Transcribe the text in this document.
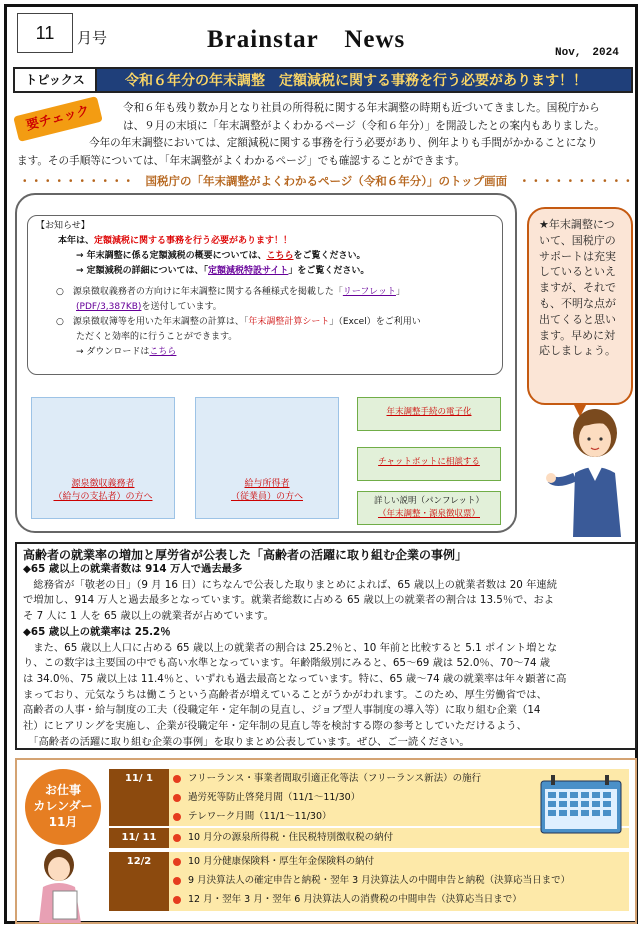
11	月号	Brainstar　News	Nov,　2024
トピックス	令和６年分の年末調整　定額減税に関する事務を行う必要があります！！

令和６年も残り数か月となり社員の所得税に関する年末調整の時期も近づいてきました。国税庁から

は、９月の末頃に「年末調整がよくわかるページ（令和６年分）」を開設したとの案内もありました。

今年の年末調整においては、定額減税に関する事務を行う必要があり、例年よりも手間がかかることになり

ます。その手順等については、「年末調整がよくわかるページ」でも確認することができます。

要チェック
・・・・・・・・・・　国税庁の「年末調整がよくわかるページ（令和６年分）」のトップ画面　・・・・・・・・・・
【お知らせ】
本年は、定額減税に関する事務を行う必要があります！！
→ 年末調整に係る定額減税の概要については、こちらをご覧ください。
→ 定額減税の詳細については、「定額減税特設サイト」をご覧ください。
○　源泉徴収義務者の方向けに年末調整に関する各種様式を掲載した「リーフレット」
(PDF/3,387KB)を送付しています。
○　源泉徴収簿等を用いた年末調整の計算は、「年末調整計算シート」（Excel）をご利用い
ただくと効率的に行うことができます。
→ ダウンロードはこちら
源泉徴収義務者
（給与の支払者）の方へ
給与所得者
（従業員）の方へ
年末調整手続の電子化
チャットボットに相談する
詳しい説明（パンフレット）
（年末調整・源泉徴収票）
★年末調整について、国税庁のサポートは充実しているといえますが、それでも、不明な点が出てくると思います。早めに対応しましょう。
高齢者の就業率の増加と厚労省が公表した「高齢者の活躍に取り組む企業の事例」
◆65 歳以上の就業者数は 914 万人で過去最多
　総務省が「敬老の日」（9 月 16 日）にちなんで公表した取りまとめによれば、65 歳以上の就業者数は 20 年連続
で増加し、914 万人と過去最多となっています。就業者総数に占める 65 歳以上の就業者の割合は 13.5％で、およ
そ 7 人に 1 人を 65 歳以上の就業者が占めています。
◆65 歳以上の就業率は 25.2％
　また、65 歳以上人口に占める 65 歳以上の就業者の割合は 25.2％と、10 年前と比較すると 5.1 ポイント増とな
り、この数字は主要国の中でも高い水準となっています。年齢階級別にみると、65～69 歳は 52.0％、70～74 歳
は 34.0％、75 歳以上は 11.4％と、いずれも過去最高となっています。特に、65 歳～74 歳の就業率は年々顕著に高
まっており、元気なうちは働こうという高齢者が増えていることがうかがわれます。このため、厚生労働省では、
高齢者の人事・給与制度の工夫（役職定年・定年制の見直し、ジョブ型人事制度の導入等）に取り組む企業（14
社）にヒアリングを実施し、企業が役職定年・定年制の見直し等を検討する際の参考としていただけるよう、
　「高齢者の活躍に取り組む企業の事例」を取りまとめ公表しています。ぜひ、ご一読ください。
お仕事
カレンダー
11月
11/ 1	フリーランス・事業者間取引適正化等法（フリーランス新法）の施行
過労死等防止啓発月間（11/1～11/30）
テレワーク月間（11/1～11/30）
11/ 11	10 月分の源泉所得税・住民税特別徴収税の納付
12/2	10 月分健康保険料・厚生年金保険料の納付
9 月決算法人の確定申告と納税・翌年 3 月決算法人の中間申告と納税（決算応当日まで）
12 月・翌年 3 月・翌年 6 月決算法人の消費税の中間申告（決算応当日まで）
